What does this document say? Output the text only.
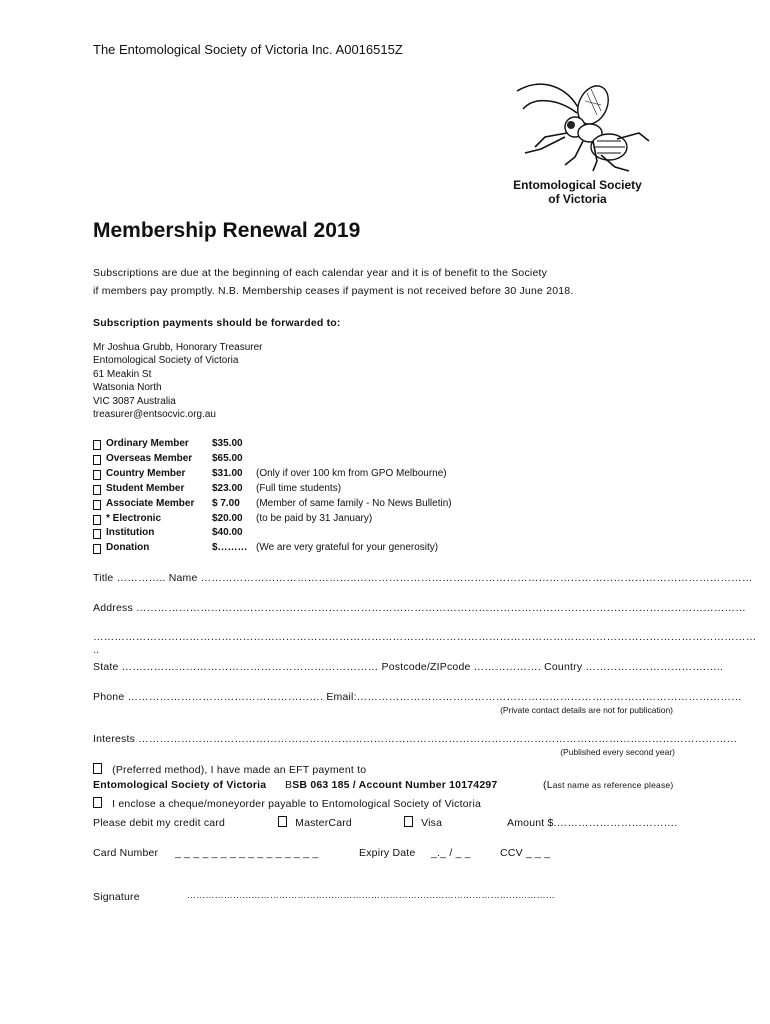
The Entomological Society of Victoria Inc. A0016515Z
Entomological Society
of Victoria
Membership Renewal 2019
Subscriptions are due at the beginning of each calendar year and it is of benefit to the Society
if members pay promptly. N.B. Membership ceases if payment is not received before 30 June 2018.
Subscription payments should be forwarded to:
Mr Joshua Grubb, Honorary Treasurer
Entomological Society of Victoria
61 Meakin St
Watsonia North
VIC 3087 Australia
treasurer@entsocvic.org.au
Ordinary Member $35.00
Overseas Member $65.00
Country Member	$31.00 (Only if over 100 km from GPO Melbourne)
Student Member	$23.00 (Full time students)
Associate Member $ 7.00 (Member of same family - No News Bulletin)
* Electronic	$20.00 (to be paid by 31 January)
Institution	$40.00
Donation	$……… (We are very grateful for your generosity)
Title ………….. Name ……………………………………..…………………………………………………………………………………………………
Address ………………………………………………………………………………………………………………………………………………………
……………………………………………………………………………………………………………………………………………………………………
..
State ……………………………………………………………… Postcode/ZIPcode ………………. Country …………………………….…..
Phone ………………………………………………. Email:………………………………………………………………………………………………
(Private contact details are not for publication)
Interests ……………………………………………………………………………………………………………………………………………………
(Published every second year)
(Preferred method), I have made an EFT payment to
Entomological Society of Victoria BSB 063 185 / Account Number 10174297	(Last name as reference please)
I enclose a cheque/moneyorder payable to Entomological Society of Victoria
Please debit my credit card	MasterCard	Visa	Amount $.…………………………….
Card Number _ _ _ _ _ _ _ _ _ _ _ _ _ _ _ _	Expiry Date _._ / _ _	CCV _ _ _
Signature	…………………………………………………………………………………………………………
